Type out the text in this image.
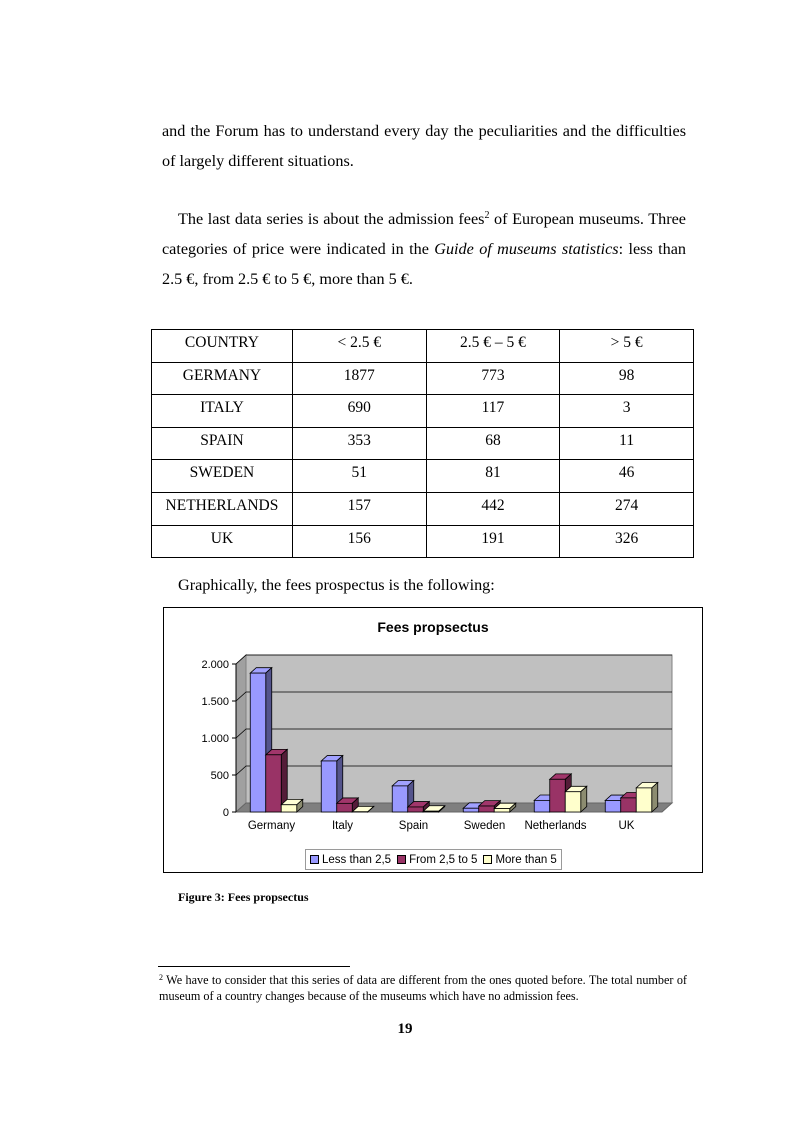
and the Forum has to understand every day the peculiarities and the difficulties of largely different situations.

The last data series is about the admission fees$^2$ of European museums. Three categories of price were indicated in the Guide of museums statistics: less than 2.5 €, from 2.5 € to 5 €, more than 5 €.

COUNTRY	< 2.5 €	2.5 € – 5 €	> 5 €
GERMANY	1877	773	98
ITALY	690	117	3
SPAIN	353	68	11
SWEDEN	51	81	46
NETHERLANDS	157	442	274
UK	156	191	326

Graphically, the fees prospectus is the following:

Fees propsectus
0
500
1.000
1.500
2.000
Germany	Italy	Spain	Sweden Netherlands	UK
Less than 2,5 From 2,5 to 5 More than 5
Figure 3: Fees propsectus

$^2$ We have to consider that this series of data are different from the ones quoted before. The total number of museum of a country changes because of the museums which have no admission fees.

19
